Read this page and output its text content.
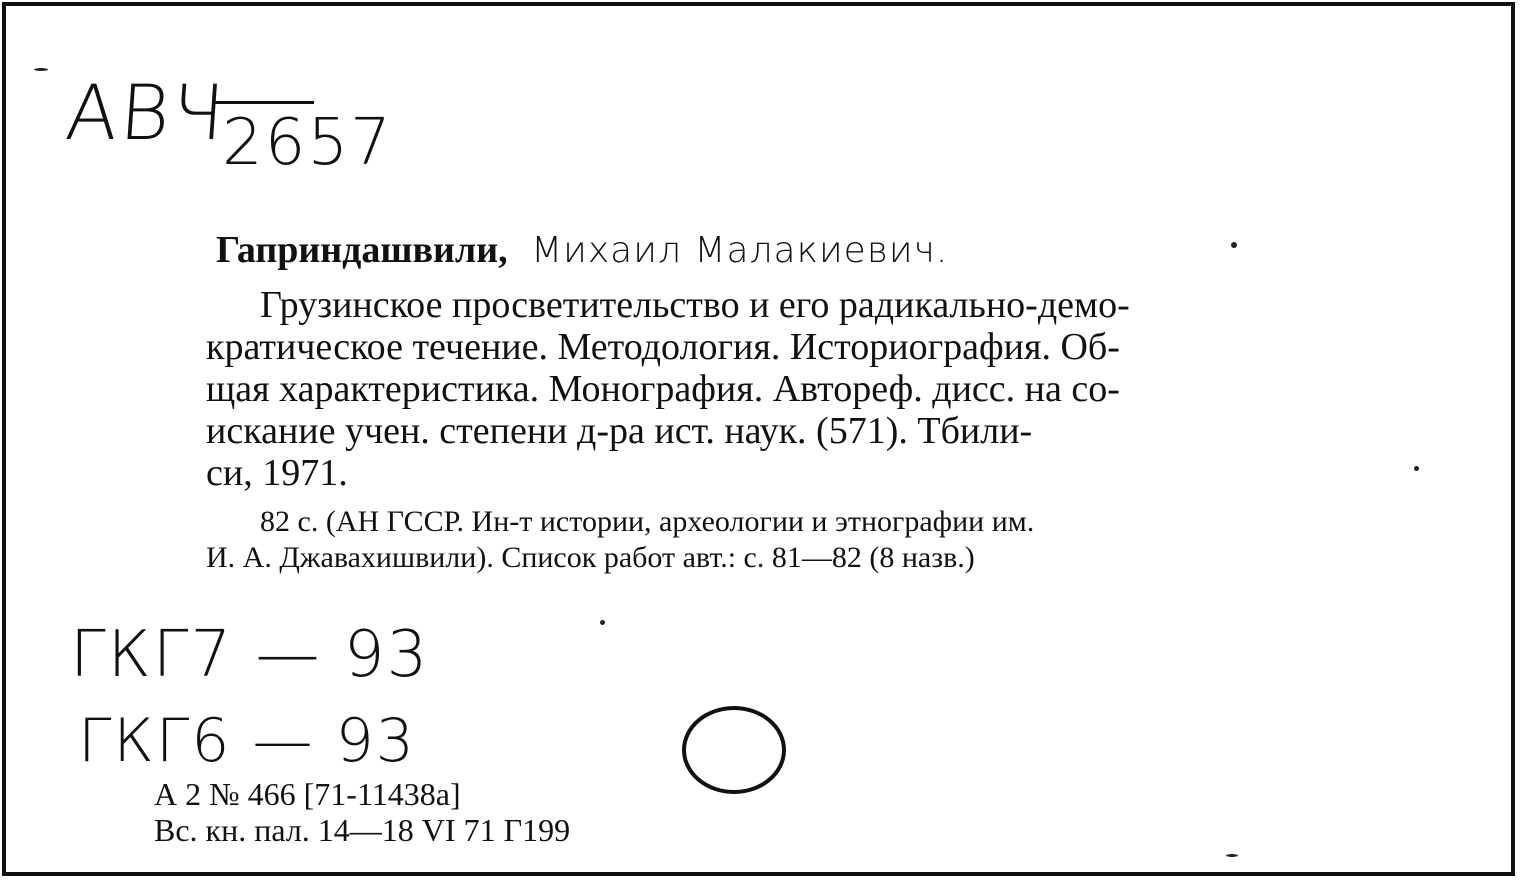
АВЧ
2657
Гаприндашвили, Михаил Малакиевич.
Грузинское просветительство и его радикально-демо-
кратическое течение. Методология. Историография. Об-
щая характеристика. Монография. Автореф. дисс. на со-
искание учен. степени д-ра ист. наук. (571). Тбили-
си, 1971.
82 с. (АН ГССР. Ин-т истории, археологии и этнографии им.
И. А. Джавахишвили). Список работ авт.: с. 81—82 (8 назв.)
ГКГ7 — 93
ГКГ6 — 93
А 2 № 466 [71-11438а]
Вс. кн. пал. 14—18 VI 71 Г199
